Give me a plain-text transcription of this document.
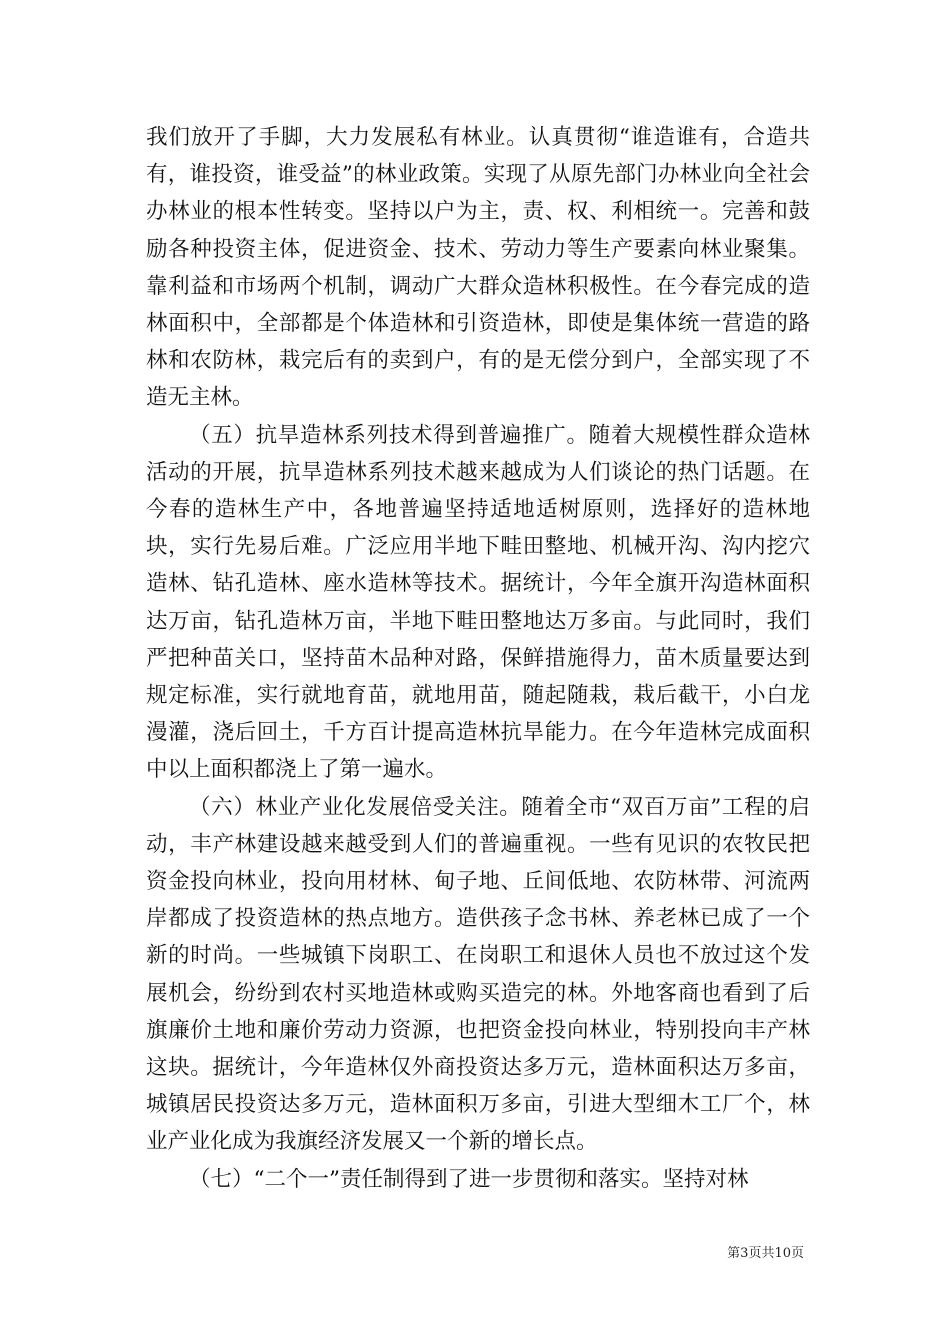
我们放开了手脚，大力发展私有林业。认真贯彻“谁造谁有，合造共有，谁投资，谁受益”的林业政策。实现了从原先部门办林业向全社会办林业的根本性转变。坚持以户为主，责、权、利相统一。完善和鼓励各种投资主体，促进资金、技术、劳动力等生产要素向林业聚集。靠利益和市场两个机制，调动广大群众造林积极性。在今春完成的造林面积中，全部都是个体造林和引资造林，即使是集体统一营造的路林和农防林，栽完后有的卖到户，有的是无偿分到户，全部实现了不造无主林。

（五）抗旱造林系列技术得到普遍推广。随着大规模性群众造林活动的开展，抗旱造林系列技术越来越成为人们谈论的热门话题。在今春的造林生产中，各地普遍坚持适地适树原则，选择好的造林地块，实行先易后难。广泛应用半地下畦田整地、机械开沟、沟内挖穴造林、钻孔造林、座水造林等技术。据统计，今年全旗开沟造林面积达万亩，钻孔造林万亩，半地下畦田整地达万多亩。与此同时，我们严把种苗关口，坚持苗木品种对路，保鲜措施得力，苗木质量要达到规定标准，实行就地育苗，就地用苗，随起随栽，栽后截干，小白龙漫灌，浇后回土，千方百计提高造林抗旱能力。在今年造林完成面积中以上面积都浇上了第一遍水。

（六）林业产业化发展倍受关注。随着全市“双百万亩”工程的启动，丰产林建设越来越受到人们的普遍重视。一些有见识的农牧民把资金投向林业，投向用材林、甸子地、丘间低地、农防林带、河流两岸都成了投资造林的热点地方。造供孩子念书林、养老林已成了一个新的时尚。一些城镇下岗职工、在岗职工和退休人员也不放过这个发展机会，纷纷到农村买地造林或购买造完的林。外地客商也看到了后旗廉价土地和廉价劳动力资源，也把资金投向林业，特别投向丰产林这块。据统计，今年造林仅外商投资达多万元，造林面积达万多亩，城镇居民投资达多万元，造林面积万多亩，引进大型细木工厂个，林业产业化成为我旗经济发展又一个新的增长点。

（七）“二个一”责任制得到了进一步贯彻和落实。坚持对林

第3页共10页
